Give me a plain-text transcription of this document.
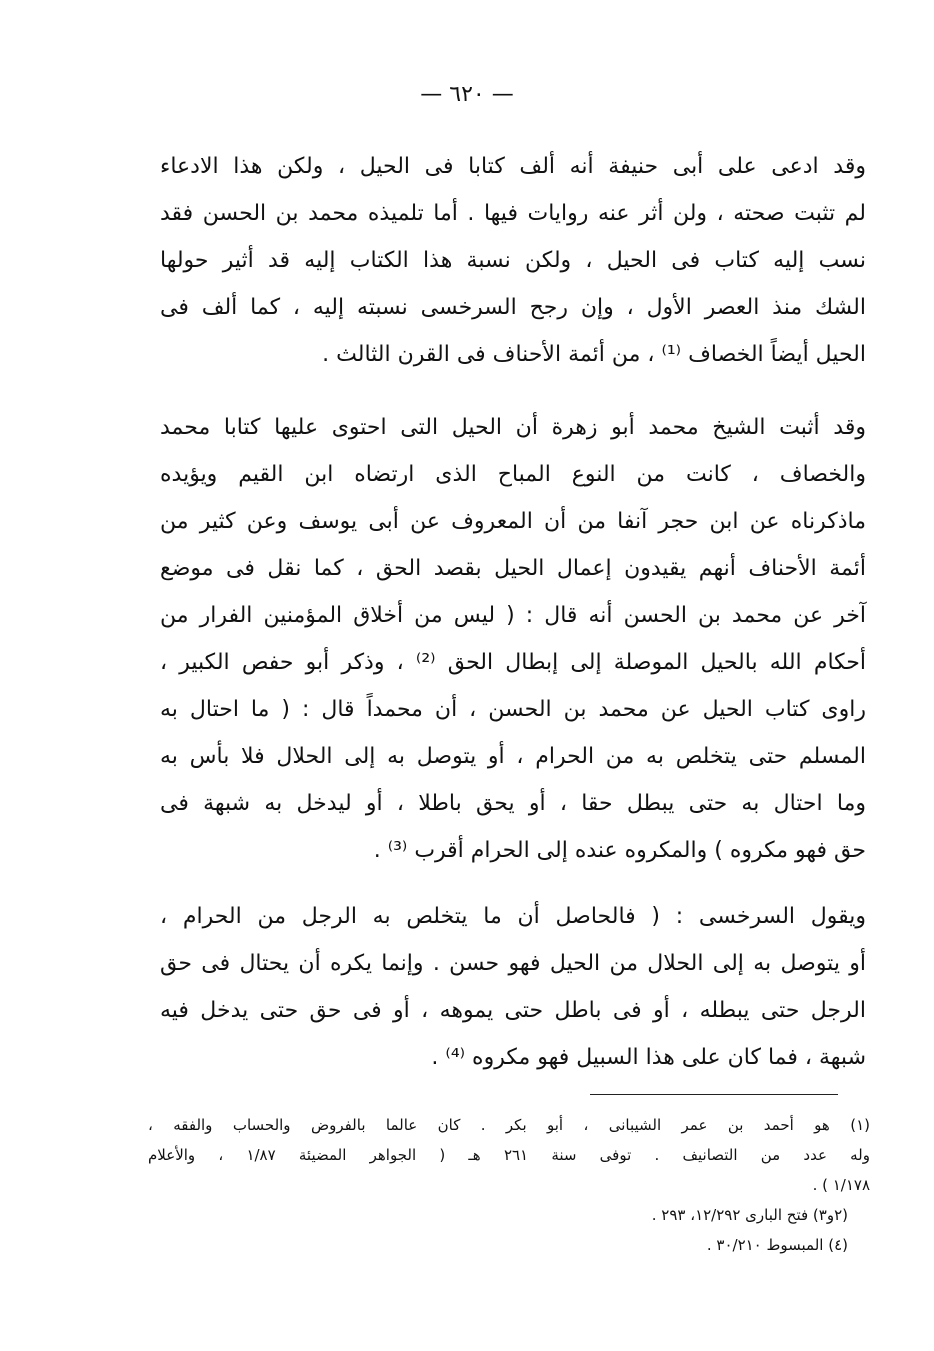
— ٦٢٠ —
وقد ادعى على أبى حنيفة أنه ألف كتابا فى الحيل ، ولكن هذا الادعاء
لم تثبت صحته ، ولن أثر عنه روايات فيها . أما تلميذه محمد بن الحسن فقد
نسب إليه كتاب فى الحيل ، ولكن نسبة هذا الكتاب إليه قد أثير حولها
الشك منذ العصر الأول ، وإن رجح السرخسى نسبته إليه ، كما ألف فى
الحيل أيضاً الخصاف ⁽¹⁾ ، من أئمة الأحناف فى القرن الثالث .
وقد أثبت الشيخ محمد أبو زهرة أن الحيل التى احتوى عليها كتابا محمد
والخصاف ، كانت من النوع المباح الذى ارتضاه ابن القيم ويؤيده
ماذكرناه عن ابن حجر آنفا من أن المعروف عن أبى يوسف وعن كثير من
أئمة الأحناف أنهم يقيدون إعمال الحيل بقصد الحق ، كما نقل فى موضع
آخر عن محمد بن الحسن أنه قال : ( ليس من أخلاق المؤمنين الفرار من
أحكام الله بالحيل الموصلة إلى إبطال الحق ⁽²⁾ ، وذكر أبو حفص الكبير ،
راوى كتاب الحيل عن محمد بن الحسن ، أن محمداً قال : ( ما احتال به
المسلم حتى يتخلص به من الحرام ، أو يتوصل به إلى الحلال فلا بأس به
وما احتال به حتى يبطل حقا ، أو يحق باطلا ، أو ليدخل به شبهة فى
حق فهو مكروه ) والمكروه عنده إلى الحرام أقرب ⁽³⁾ .
ويقول السرخسى : ( فالحاصل أن ما يتخلص به الرجل من الحرام ،
أو يتوصل به إلى الحلال من الحيل فهو حسن . وإنما يكره أن يحتال فى حق
الرجل حتى يبطله ، أو فى باطل حتى يموهه ، أو فى حق حتى يدخل فيه
شبهة ، فما كان على هذا السبيل فهو مكروه ⁽⁴⁾ .
(١) هو أحمد بن عمر الشيبانى ، أبو بكر . كان عالما بالفروض والحساب والفقه ،
وله عدد من التصانيف . توفى سنة ٢٦١ هـ ( الجواهر المضيئة ١/٨٧ ، والأعلام
١/١٧٨ ) .
(٢و٣) فتح البارى ١٢/٢٩٢، ٢٩٣ .
(٤) المبسوط ٣٠/٢١٠ .
